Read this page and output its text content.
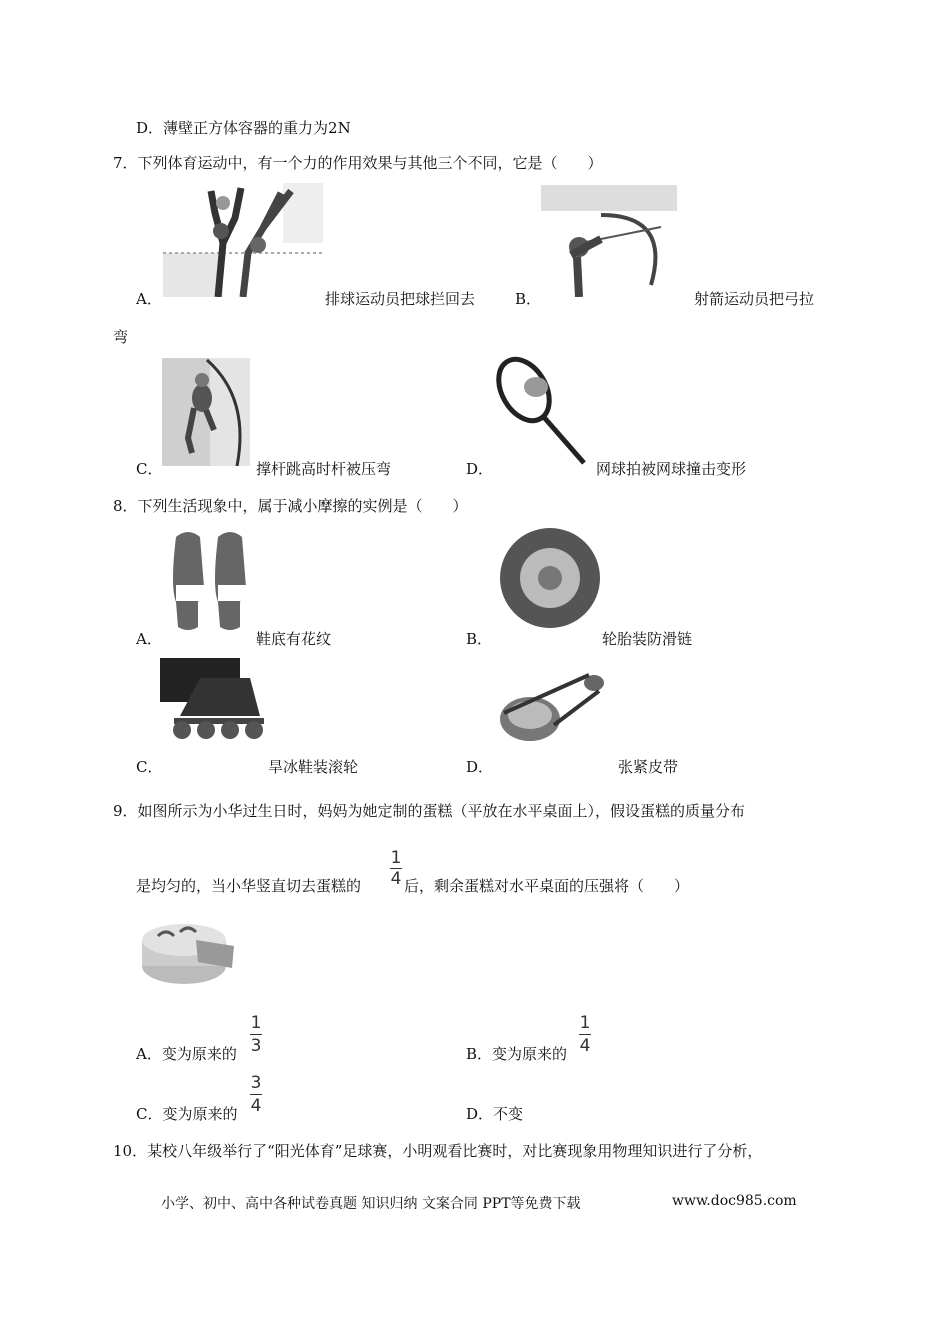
D．薄壁正方体容器的重力为2N
7．下列体育运动中，有一个力的作用效果与其他三个不同，它是（　　）
A．	排球运动员把球拦回去	B．	射箭运动员把弓拉
弯
C．	撑杆跳高时杆被压弯	D．	网球拍被网球撞击变形
8．下列生活现象中，属于减小摩擦的实例是（　　）
A．	鞋底有花纹	B．	轮胎装防滑链
C．	旱冰鞋装滚轮	D．	张紧皮带
9．如图所示为小华过生日时，妈妈为她定制的蛋糕（平放在水平桌面上），假设蛋糕的质量分布
是均匀的，当小华竖直切去蛋糕的
1
4 后，剩余蛋糕对水平桌面的压强将（　　）
A．变为原来的
1
3	B．变为原来的
1
4
C．变为原来的
3
4	D．不变
10．某校八年级举行了“阳光体育”足球赛，小明观看比赛时，对比赛现象用物理知识进行了分析，
小学、初中、高中各种试卷真题 知识归纳 文案合同 PPT等免费下载	www.doc985.com
